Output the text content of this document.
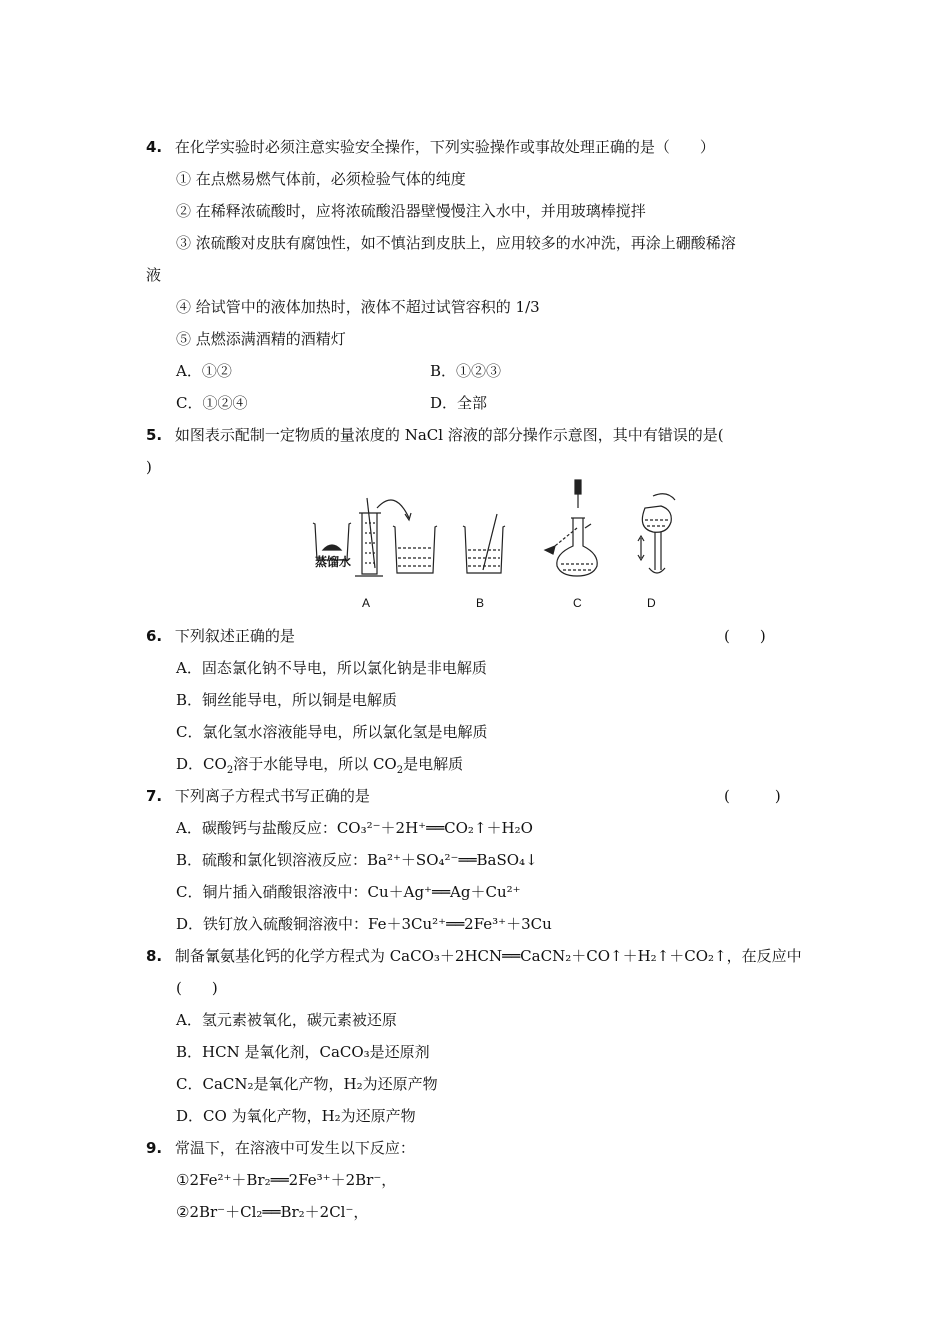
4. 在化学实验时必须注意实验安全操作，下列实验操作或事故处理正确的是（　　）
① 在点燃易燃气体前，必须检验气体的纯度
② 在稀释浓硫酸时，应将浓硫酸沿器壁慢慢注入水中，并用玻璃棒搅拌
③ 浓硫酸对皮肤有腐蚀性，如不慎沾到皮肤上，应用较多的水冲洗，再涂上硼酸稀溶
液
④ 给试管中的液体加热时，液体不超过试管容积的 1/3
⑤ 点燃添满酒精的酒精灯
A．①②	B．①②③
C．①②④	D．全部
5. 如图表示配制一定物质的量浓度的 NaCl 溶液的部分操作示意图，其中有错误的是(
)
蒸馏水
A	B	C	D
6. 下列叙述正确的是	(　　)
A．固态氯化钠不导电，所以氯化钠是非电解质
B．铜丝能导电，所以铜是电解质
C．氯化氢水溶液能导电，所以氯化氢是电解质
D．$CO_2$溶于水能导电，所以 $CO_2$是电解质
7. 下列离子方程式书写正确的是	(　　　)
A．碳酸钙与盐酸反应：CO₃²⁻＋2H⁺══CO₂↑＋H₂O
B．硫酸和氯化钡溶液反应：Ba²⁺＋SO₄²⁻══BaSO₄↓
C．铜片插入硝酸银溶液中：Cu＋Ag⁺══Ag＋Cu²⁺
D．铁钉放入硫酸铜溶液中：Fe＋3Cu²⁺══2Fe³⁺＋3Cu
8. 制备氰氨基化钙的化学方程式为 CaCO₃＋2HCN══CaCN₂＋CO↑＋H₂↑＋CO₂↑，在反应中
(　　)
A．氢元素被氧化，碳元素被还原
B．HCN 是氧化剂，CaCO₃是还原剂
C．CaCN₂是氧化产物，H₂为还原产物
D．CO 为氧化产物，H₂为还原产物
9. 常温下，在溶液中可发生以下反应：
①2Fe²⁺＋Br₂══2Fe³⁺＋2Br⁻，
②2Br⁻＋Cl₂══Br₂＋2Cl⁻，
